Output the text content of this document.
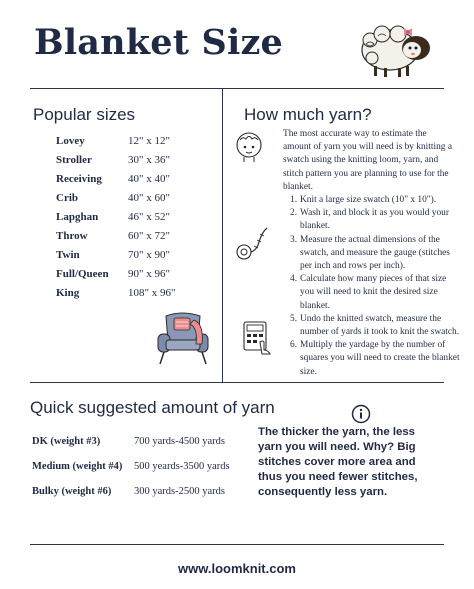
Blanket Size
Popular sizes
Lovey	12" x 12"
Stroller	30" x 36"
Receiving 40" x 40"
Crib	40" x 60"
Lapghan	46" x 52"
Throw	60" x 72"
Twin	70" x 90"
Full/Queen 90" x 96"
King	108" x 96"
How much yarn?
The most accurate way to estimate the amount of yarn you will need is by knitting a swatch using the knitting loom, yarn, and stitch pattern you are planning to use for the blanket.
1. Knit a large size swatch (10" x 10").
2. Wash it, and block it as you would your blanket.
3. Measure the actual dimensions of the swatch, and measure the gauge (stitches per inch and rows per inch).
4. Calculate how many pieces of that size you will need to knit the desired size blanket.
5. Undo the knitted swatch, measure the number of yards it took to knit the swatch.
6. Multiply the yardage by the number of squares you will need to create the blanket size.
Quick suggested amount of yarn
DK (weight #3)	700 yards-4500 yards
Medium (weight #4) 500 yeards-3500 yards
Bulky (weight #6) 300 yards-2500 yards
The thicker the yarn, the less yarn you will need. Why? Big stitches cover more area and thus you need fewer stitches, consequently less yarn.
www.loomknit.com
